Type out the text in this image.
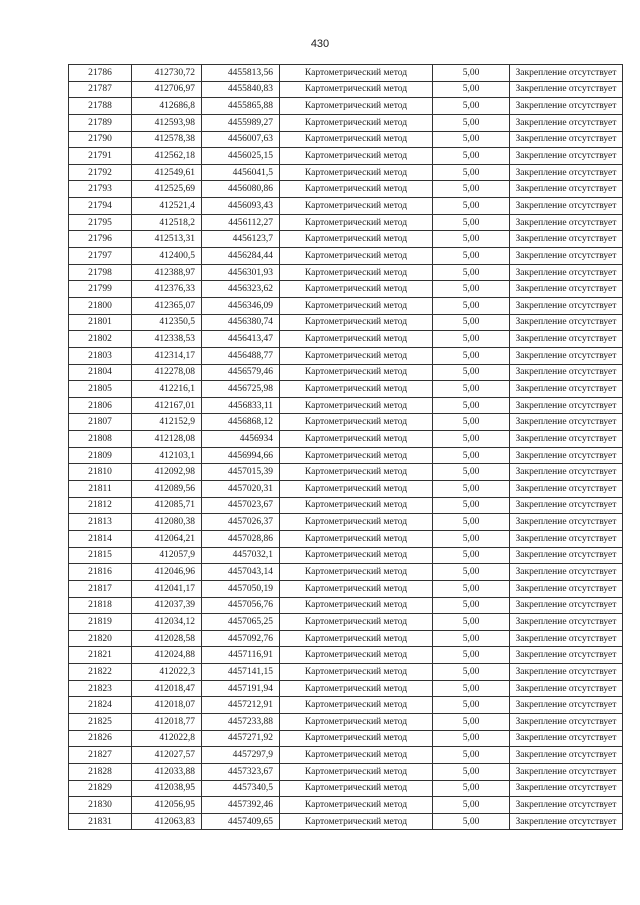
430
21786	412730,72	4455813,56	Картометрический метод	5,00	Закрепление отсутствует
21787	412706,97	4455840,83	Картометрический метод	5,00	Закрепление отсутствует
21788	412686,8	4455865,88	Картометрический метод	5,00	Закрепление отсутствует
21789	412593,98	4455989,27	Картометрический метод	5,00	Закрепление отсутствует
21790	412578,38	4456007,63	Картометрический метод	5,00	Закрепление отсутствует
21791	412562,18	4456025,15	Картометрический метод	5,00	Закрепление отсутствует
21792	412549,61	4456041,5	Картометрический метод	5,00	Закрепление отсутствует
21793	412525,69	4456080,86	Картометрический метод	5,00	Закрепление отсутствует
21794	412521,4	4456093,43	Картометрический метод	5,00	Закрепление отсутствует
21795	412518,2	4456112,27	Картометрический метод	5,00	Закрепление отсутствует
21796	412513,31	4456123,7	Картометрический метод	5,00	Закрепление отсутствует
21797	412400,5	4456284,44	Картометрический метод	5,00	Закрепление отсутствует
21798	412388,97	4456301,93	Картометрический метод	5,00	Закрепление отсутствует
21799	412376,33	4456323,62	Картометрический метод	5,00	Закрепление отсутствует
21800	412365,07	4456346,09	Картометрический метод	5,00	Закрепление отсутствует
21801	412350,5	4456380,74	Картометрический метод	5,00	Закрепление отсутствует
21802	412338,53	4456413,47	Картометрический метод	5,00	Закрепление отсутствует
21803	412314,17	4456488,77	Картометрический метод	5,00	Закрепление отсутствует
21804	412278,08	4456579,46	Картометрический метод	5,00	Закрепление отсутствует
21805	412216,1	4456725,98	Картометрический метод	5,00	Закрепление отсутствует
21806	412167,01	4456833,11	Картометрический метод	5,00	Закрепление отсутствует
21807	412152,9	4456868,12	Картометрический метод	5,00	Закрепление отсутствует
21808	412128,08	4456934	Картометрический метод	5,00	Закрепление отсутствует
21809	412103,1	4456994,66	Картометрический метод	5,00	Закрепление отсутствует
21810	412092,98	4457015,39	Картометрический метод	5,00	Закрепление отсутствует
21811	412089,56	4457020,31	Картометрический метод	5,00	Закрепление отсутствует
21812	412085,71	4457023,67	Картометрический метод	5,00	Закрепление отсутствует
21813	412080,38	4457026,37	Картометрический метод	5,00	Закрепление отсутствует
21814	412064,21	4457028,86	Картометрический метод	5,00	Закрепление отсутствует
21815	412057,9	4457032,1	Картометрический метод	5,00	Закрепление отсутствует
21816	412046,96	4457043,14	Картометрический метод	5,00	Закрепление отсутствует
21817	412041,17	4457050,19	Картометрический метод	5,00	Закрепление отсутствует
21818	412037,39	4457056,76	Картометрический метод	5,00	Закрепление отсутствует
21819	412034,12	4457065,25	Картометрический метод	5,00	Закрепление отсутствует
21820	412028,58	4457092,76	Картометрический метод	5,00	Закрепление отсутствует
21821	412024,88	4457116,91	Картометрический метод	5,00	Закрепление отсутствует
21822	412022,3	4457141,15	Картометрический метод	5,00	Закрепление отсутствует
21823	412018,47	4457191,94	Картометрический метод	5,00	Закрепление отсутствует
21824	412018,07	4457212,91	Картометрический метод	5,00	Закрепление отсутствует
21825	412018,77	4457233,88	Картометрический метод	5,00	Закрепление отсутствует
21826	412022,8	4457271,92	Картометрический метод	5,00	Закрепление отсутствует
21827	412027,57	4457297,9	Картометрический метод	5,00	Закрепление отсутствует
21828	412033,88	4457323,67	Картометрический метод	5,00	Закрепление отсутствует
21829	412038,95	4457340,5	Картометрический метод	5,00	Закрепление отсутствует
21830	412056,95	4457392,46	Картометрический метод	5,00	Закрепление отсутствует
21831	412063,83	4457409,65	Картометрический метод	5,00	Закрепление отсутствует
